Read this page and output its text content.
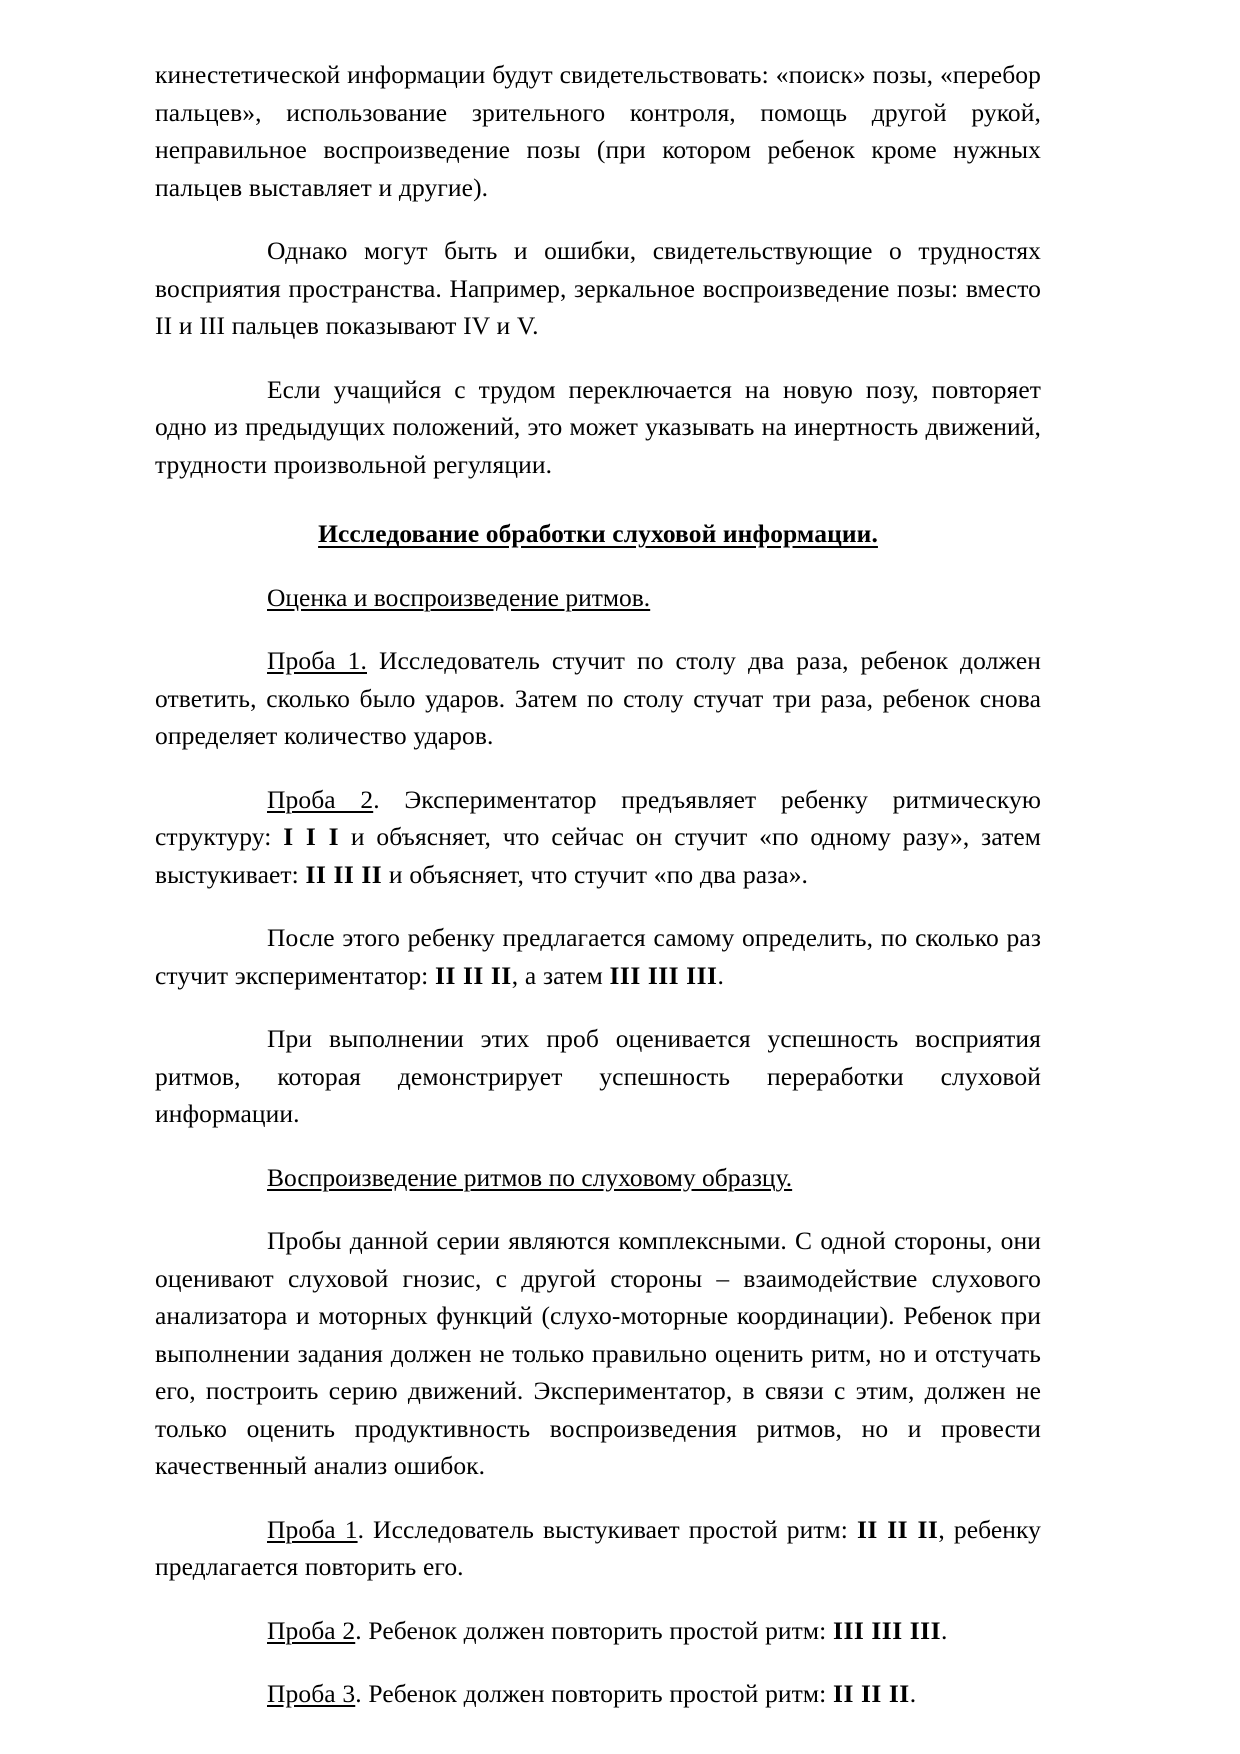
кинестетической информации будут свидетельствовать: «поиск» позы, «перебор пальцев», использование зрительного контроля, помощь другой рукой, неправильное воспроизведение позы (при котором ребенок кроме нужных пальцев выставляет и другие).

Однако могут быть и ошибки, свидетельствующие о трудностях восприятия пространства. Например, зеркальное воспроизведение позы: вместо II и III пальцев показывают IV и V.

Если учащийся с трудом переключается на новую позу, повторяет одно из предыдущих положений, это может указывать на инертность движений, трудности произвольной регуляции.

Исследование обработки слуховой информации.

Оценка и воспроизведение ритмов.

Проба 1. Исследователь стучит по столу два раза, ребенок должен ответить, сколько было ударов. Затем по столу стучат три раза, ребенок снова определяет количество ударов.

Проба 2. Экспериментатор предъявляет ребенку ритмическую структуру: I I I и объясняет, что сейчас он стучит «по одному разу», затем выстукивает: II II II и объясняет, что стучит «по два раза».

После этого ребенку предлагается самому определить, по сколько раз стучит экспериментатор: II II II, а затем III III III.

При выполнении этих проб оценивается успешность восприятия ритмов, которая демонстрирует успешность переработки слуховой информации.

Воспроизведение ритмов по слуховому образцу.

Пробы данной серии являются комплексными. С одной стороны, они оценивают слуховой гнозис, с другой стороны – взаимодействие слухового анализатора и моторных функций (слухо-моторные координации). Ребенок при выполнении задания должен не только правильно оценить ритм, но и отстучать его, построить серию движений. Экспериментатор, в связи с этим, должен не только оценить продуктивность воспроизведения ритмов, но и провести качественный анализ ошибок.

Проба 1. Исследователь выстукивает простой ритм: II II II, ребенку предлагается повторить его.

Проба 2. Ребенок должен повторить простой ритм: III III III.

Проба 3. Ребенок должен повторить простой ритм: II II II.
